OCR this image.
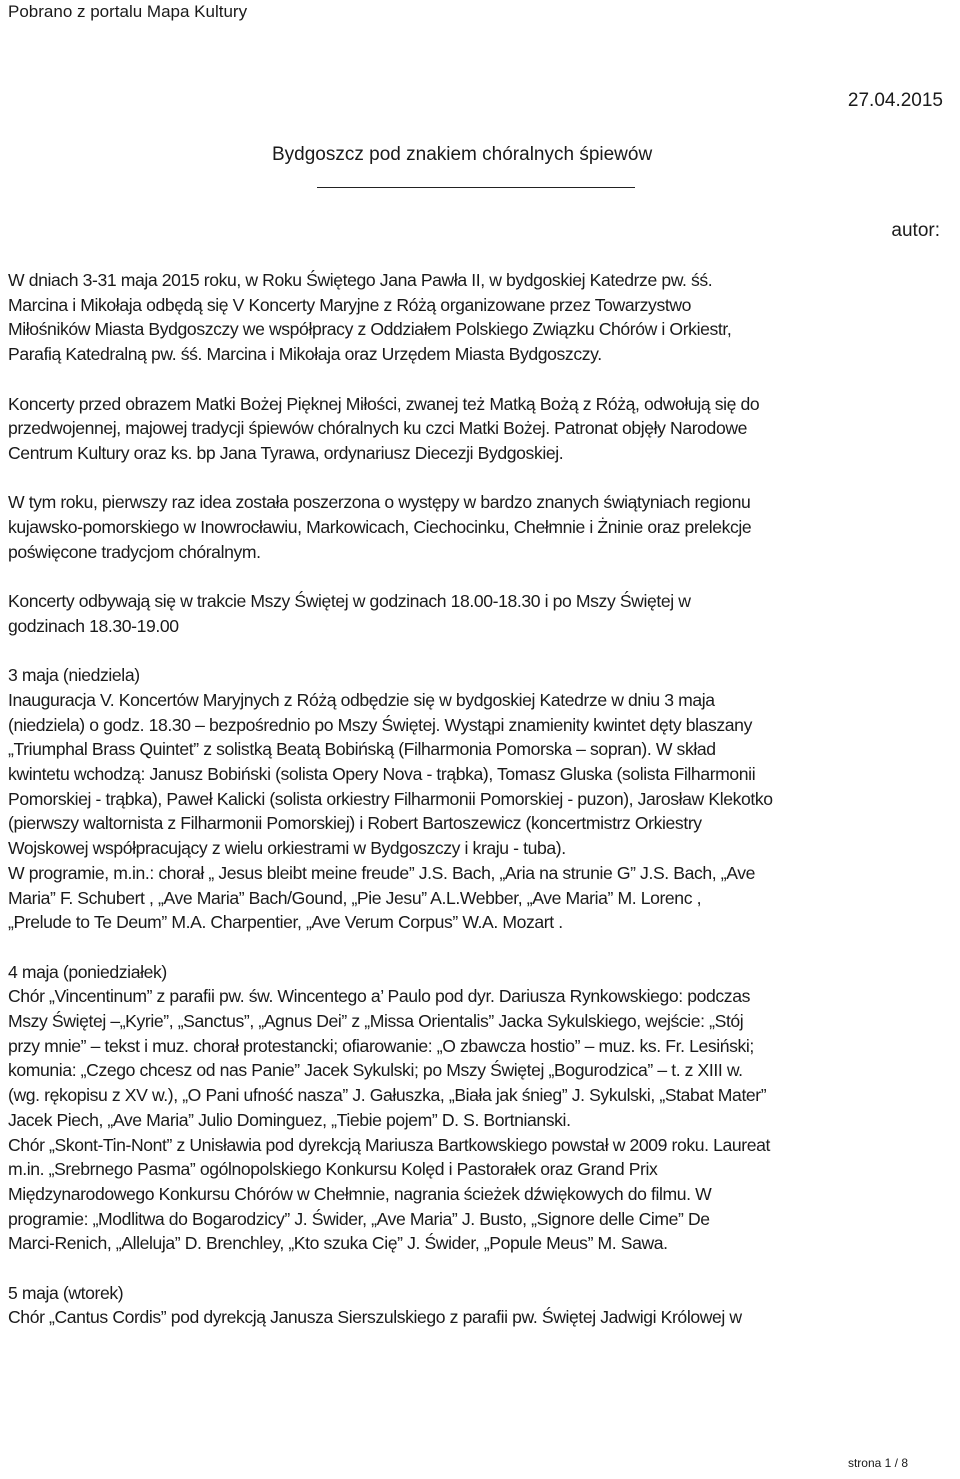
Pobrano z portalu Mapa Kultury
27.04.2015
Bydgoszcz pod znakiem chóralnych śpiewów
autor:

W dniach 3-31 maja 2015 roku, w Roku Świętego Jana Pawła II, w bydgoskiej Katedrze pw. śś.
Marcina i Mikołaja odbędą się V Koncerty Maryjne z Różą organizowane przez Towarzystwo
Miłośników Miasta Bydgoszczy we współpracy z Oddziałem Polskiego Związku Chórów i Orkiestr,
Parafią Katedralną pw. śś. Marcina i Mikołaja oraz Urzędem Miasta Bydgoszczy.

Koncerty przed obrazem Matki Bożej Pięknej Miłości, zwanej też Matką Bożą z Różą, odwołują się do
przedwojennej, majowej tradycji śpiewów chóralnych ku czci Matki Bożej. Patronat objęły Narodowe
Centrum Kultury oraz ks. bp Jana Tyrawa, ordynariusz Diecezji Bydgoskiej.

W tym roku, pierwszy raz idea została poszerzona o występy w bardzo znanych świątyniach regionu
kujawsko-pomorskiego w Inowrocławiu, Markowicach, Ciechocinku, Chełmnie i Żninie oraz prelekcje
poświęcone tradycjom chóralnym.

Koncerty odbywają się w trakcie Mszy Świętej w godzinach 18.00-18.30 i po Mszy Świętej w
godzinach 18.30-19.00

3 maja (niedziela)
Inauguracja V. Koncertów Maryjnych z Różą odbędzie się w bydgoskiej Katedrze w dniu 3 maja
(niedziela) o godz. 18.30 – bezpośrednio po Mszy Świętej. Wystąpi znamienity kwintet dęty blaszany
„Triumphal Brass Quintet” z solistką Beatą Bobińską (Filharmonia Pomorska – sopran). W skład
kwintetu wchodzą: Janusz Bobiński (solista Opery Nova - trąbka), Tomasz Gluska (solista Filharmonii
Pomorskiej - trąbka), Paweł Kalicki (solista orkiestry Filharmonii Pomorskiej - puzon), Jarosław Klekotko
(pierwszy waltornista z Filharmonii Pomorskiej) i Robert Bartoszewicz (koncertmistrz Orkiestry
Wojskowej współpracujący z wielu orkiestrami w Bydgoszczy i kraju - tuba).
W programie, m.in.: chorał „ Jesus bleibt meine freude” J.S. Bach, „Aria na strunie G” J.S. Bach, „Ave
Maria” F. Schubert , „Ave Maria” Bach/Gound, „Pie Jesu” A.L.Webber, „Ave Maria” M. Lorenc ,
„Prelude to Te Deum” M.A. Charpentier, „Ave Verum Corpus” W.A. Mozart .

4 maja (poniedziałek)
Chór „Vincentinum” z parafii pw. św. Wincentego a’ Paulo pod dyr. Dariusza Rynkowskiego: podczas
Mszy Świętej –„Kyrie”, „Sanctus”, „Agnus Dei” z „Missa Orientalis” Jacka Sykulskiego, wejście: „Stój
przy mnie” – tekst i muz. chorał protestancki; ofiarowanie: „O zbawcza hostio” – muz. ks. Fr. Lesiński;
komunia: „Czego chcesz od nas Panie” Jacek Sykulski; po Mszy Świętej „Bogurodzica” – t. z XIII w.
(wg. rękopisu z XV w.), „O Pani ufność nasza” J. Gałuszka, „Biała jak śnieg” J. Sykulski, „Stabat Mater”
Jacek Piech, „Ave Maria” Julio Dominguez, „Tiebie pojem” D. S. Bortnianski.
Chór „Skont-Tin-Nont” z Unisławia pod dyrekcją Mariusza Bartkowskiego powstał w 2009 roku. Laureat
m.in. „Srebrnego Pasma” ogólnopolskiego Konkursu Kolęd i Pastorałek oraz Grand Prix
Międzynarodowego Konkursu Chórów w Chełmnie, nagrania ścieżek dźwiękowych do filmu. W
programie: „Modlitwa do Bogarodzicy” J. Świder, „Ave Maria” J. Busto, „Signore delle Cime” De
Marci-Renich, „Alleluja” D. Brenchley, „Kto szuka Cię” J. Świder, „Popule Meus” M. Sawa.

5 maja (wtorek)
Chór „Cantus Cordis” pod dyrekcją Janusza Sierszulskiego z parafii pw. Świętej Jadwigi Królowej w

strona 1 / 8
